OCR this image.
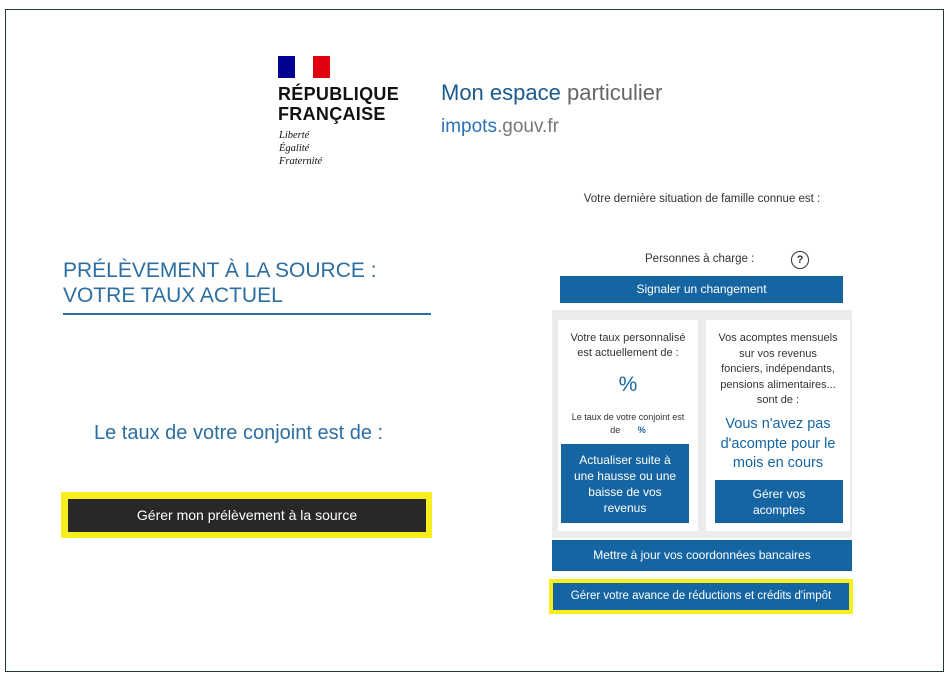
RÉPUBLIQUE
FRANÇAISE
Liberté
Égalité
Fraternité
Mon espace particulier
impots.gouv.fr
PRÉLÈVEMENT À LA SOURCE :
VOTRE TAUX ACTUEL
Le taux de votre conjoint est de :
Gérer mon prélèvement à la source
Votre dernière situation de famille connue est :
Personnes à charge :	?
Signaler un changement
Votre taux personnalisé
est actuellement de :
%
Le taux de votre conjoint est
de %
Actualiser suite à
une hausse ou une
baisse de vos
revenus
Vos acomptes mensuels
sur vos revenus
fonciers, indépendants,
pensions alimentaires...
sont de :
Vous n'avez pas
d'acompte pour le
mois en cours
Gérer vos
acomptes
Mettre à jour vos coordonnées bancaires
Gérer votre avance de réductions et crédits d'impôt
